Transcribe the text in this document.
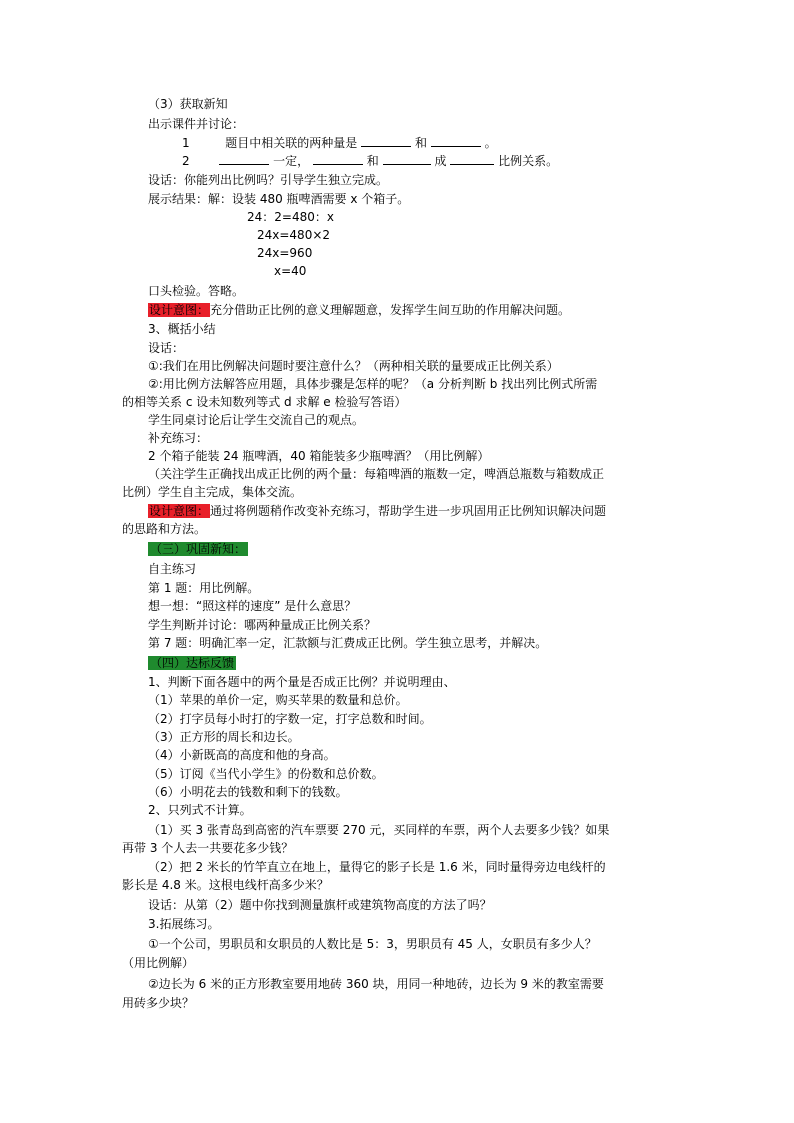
（3）获取新知
出示课件并讨论：
1	题目中相关联的两种量是	和	。
2	一定，	和	成	比例关系。
设话：你能列出比例吗？引导学生独立完成。
展示结果：解：设装 480 瓶啤酒需要 x 个箱子。
24：2=480：x
24x=480×2
24x=960
x=40
口头检验。答略。
设计意图：充分借助正比例的意义理解题意，发挥学生间互助的作用解决问题。
3、概括小结
设话：
①:我们在用比例解决问题时要注意什么？（两种相关联的量要成正比例关系）
②:用比例方法解答应用题，具体步骤是怎样的呢？（a 分析判断 b 找出列比例式所需
的相等关系 c 设未知数列等式 d 求解 e 检验写答语）
学生同桌讨论后让学生交流自己的观点。
补充练习：
2 个箱子能装 24 瓶啤酒，40 箱能装多少瓶啤酒？（用比例解）
（关注学生正确找出成正比例的两个量：每箱啤酒的瓶数一定，啤酒总瓶数与箱数成正
比例）学生自主完成，集体交流。
设计意图：通过将例题稍作改变补充练习，帮助学生进一步巩固用正比例知识解决问题
的思路和方法。
（三）巩固新知：
自主练习
第 1 题：用比例解。
想一想：“照这样的速度” 是什么意思？
学生判断并讨论：哪两种量成正比例关系？
第 7 题：明确汇率一定，汇款额与汇费成正比例。学生独立思考，并解决。
（四）达标反馈
1、判断下面各题中的两个量是否成正比例？并说明理由、
（1）苹果的单价一定，购买苹果的数量和总价。
（2）打字员每小时打的字数一定，打字总数和时间。
（3）正方形的周长和边长。
（4）小新既高的高度和他的身高。
（5）订阅《当代小学生》的份数和总价数。
（6）小明花去的钱数和剩下的钱数。
2、只列式不计算。
（1）买 3 张青岛到高密的汽车票要 270 元，买同样的车票，两个人去要多少钱？如果
再带 3 个人去一共要花多少钱？
（2）把 2 米长的竹竿直立在地上，量得它的影子长是 1.6 米，同时量得旁边电线杆的
影长是 4.8 米。这根电线杆高多少米？
设话：从第（2）题中你找到测量旗杆或建筑物高度的方法了吗？
3.拓展练习。
①一个公司，男职员和女职员的人数比是 5：3，男职员有 45 人，女职员有多少人？
（用比例解）
②边长为 6 米的正方形教室要用地砖 360 块，用同一种地砖，边长为 9 米的教室需要
用砖多少块？
